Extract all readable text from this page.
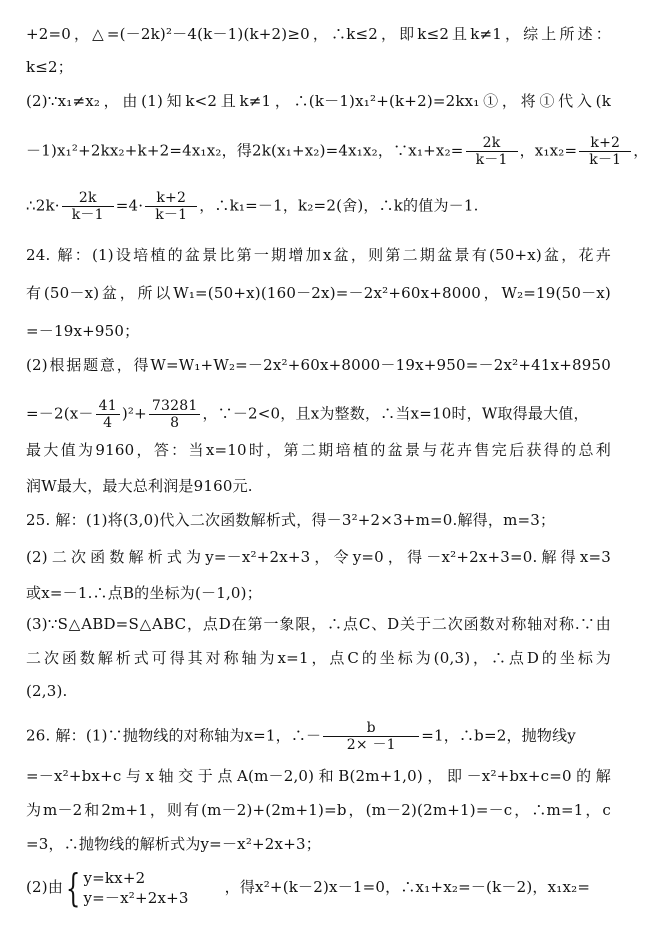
+2=0，△=(－2k)²－4(k－1)(k+2)≥0，∴k≤2，即k≤2且k≠1，综上所述：
k≤2；
(2)∵x₁≠x₂，由(1)知k<2且k≠1，∴(k－1)x₁²+(k+2)=2kx₁①，将①代入(k
－1)x₁²+2kx₂+k+2=4x₁x₂，得2k(x₁+x₂)=4x₁x₂，∵x₁+x₂= $\frac{2k}{k-1}$ ，$x_1x_2= \frac{k+2}{k-1}$ ，
∴2k· $\frac{2k}{k-1} =4\cdot \frac{k+2}{k-1}$ ，∴k₁=－1，k₂=2(舍)，∴k的值为－1.
24. 解：(1)设培植的盆景比第一期增加x盆，则第二期盆景有(50+x)盆，花卉
有(50－x)盆，所以W₁=(50+x)(160－2x)=－2x²+60x+8000，W₂=19(50－x)
=－19x+950；
(2)根据题意，得W=W₁+W₂=－2x²+60x+8000－19x+950=－2x²+41x+8950
$=-2(x- \frac{41}{4} )^2+ \frac{73281}{8}$ ，∵－2<0，且x为整数，∴当x=10时，W取得最大值，
最大值为9160，答：当x=10时，第二期培植的盆景与花卉售完后获得的总利
润W最大，最大总利润是9160元.
25. 解：(1)将(3,0)代入二次函数解析式，得－3²+2×3+m=0.解得，m=3；
(2)二次函数解析式为y=－x²+2x+3，令y=0，得－x²+2x+3=0.解得x=3
或x=－1.∴点B的坐标为(－1,0)；
(3)∵S△ABD=S△ABC，点D在第一象限，∴点C、D关于二次函数对称轴对称.∵由
二次函数解析式可得其对称轴为x=1，点C的坐标为(0,3)，∴点D的坐标为
(2,3).
26. 解：(1)∵抛物线的对称轴为x=1，∴－ $\frac{b}{2\times -1} =1$，∴b=2，抛物线y
=－x²+bx+c与x轴交于点A(m－2,0)和B(2m+1,0)，即－x²+bx+c=0的解
为m－2和2m+1，则有(m－2)+(2m+1)=b，(m－2)(2m+1)=－c，∴m=1，c
=3，∴抛物线的解析式为y=－x²+2x+3；
(2)由{ y=kx+2
y=－x²+2x+3
，得x²+(k－2)x－1=0，∴x₁+x₂=－(k－2)，x₁x₂=
